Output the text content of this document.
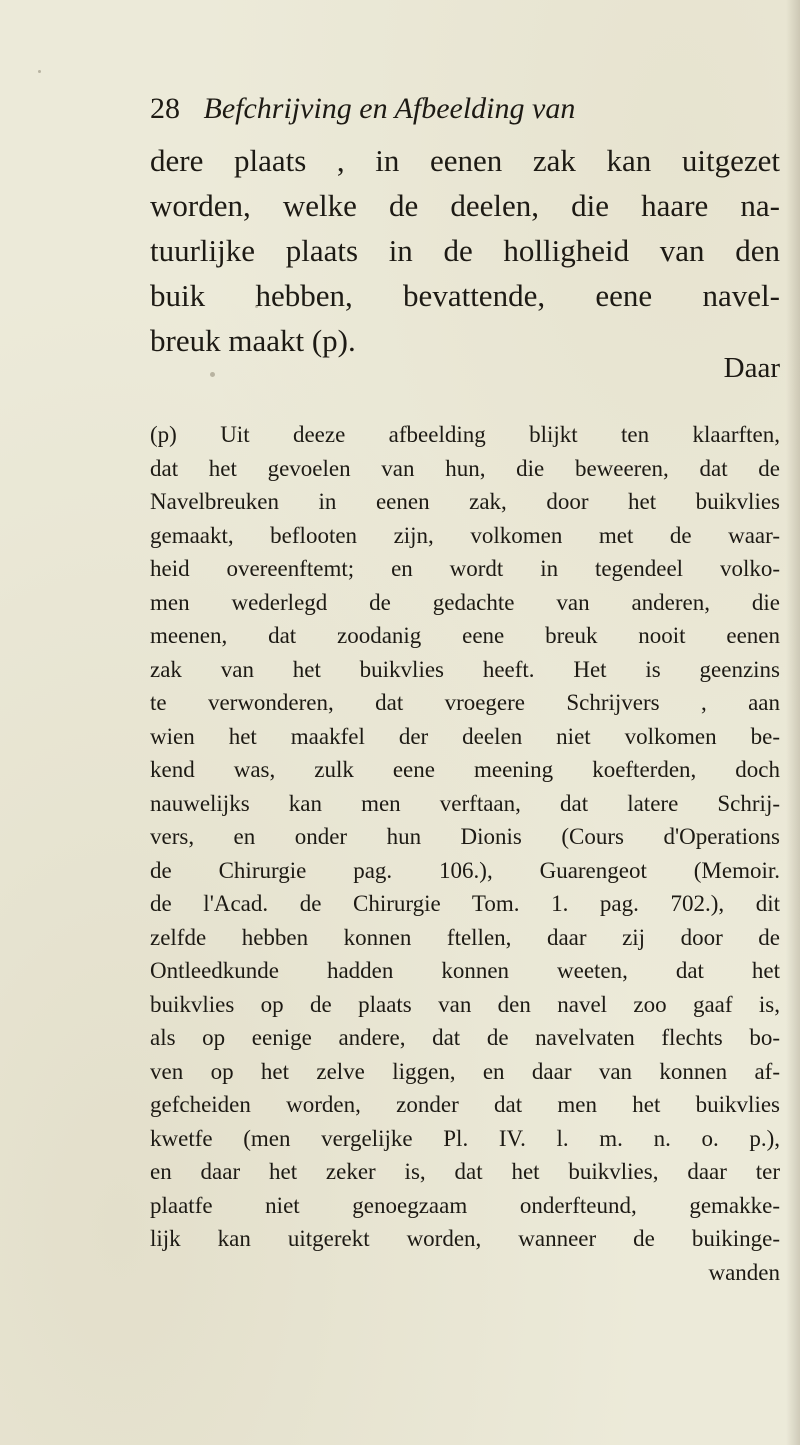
28 Befchrijving en Afbeelding van
dere plaats , in eenen zak kan uitgezet
worden, welke de deelen, die haare na-
tuurlijke plaats in de holligheid van den
buik hebben, bevattende, eene navel-
breuk maakt (p).
Daar
(p) Uit deeze afbeelding blijkt ten klaarften,
dat het gevoelen van hun, die beweeren, dat de
Navelbreuken in eenen zak, door het buikvlies
gemaakt, beflooten zijn, volkomen met de waar-
heid overeenftemt; en wordt in tegendeel volko-
men wederlegd de gedachte van anderen, die
meenen, dat zoodanig eene breuk nooit eenen
zak van het buikvlies heeft. Het is geenzins
te verwonderen, dat vroegere Schrijvers , aan
wien het maakfel der deelen niet volkomen be-
kend was, zulk eene meening koefterden, doch
nauwelijks kan men verftaan, dat latere Schrij-
vers, en onder hun Dionis (Cours d'Operations
de Chirurgie pag. 106.), Guarengeot (Memoir.
de l'Acad. de Chirurgie Tom. 1. pag. 702.), dit
zelfde hebben konnen ftellen, daar zij door de
Ontleedkunde hadden konnen weeten, dat het
buikvlies op de plaats van den navel zoo gaaf is,
als op eenige andere, dat de navelvaten flechts bo-
ven op het zelve liggen, en daar van konnen af-
gefcheiden worden, zonder dat men het buikvlies
kwetfe (men vergelijke Pl. IV. l. m. n. o. p.),
en daar het zeker is, dat het buikvlies, daar ter
plaatfe niet genoegzaam onderfteund, gemakke-
lijk kan uitgerekt worden, wanneer de buikinge-
wanden
